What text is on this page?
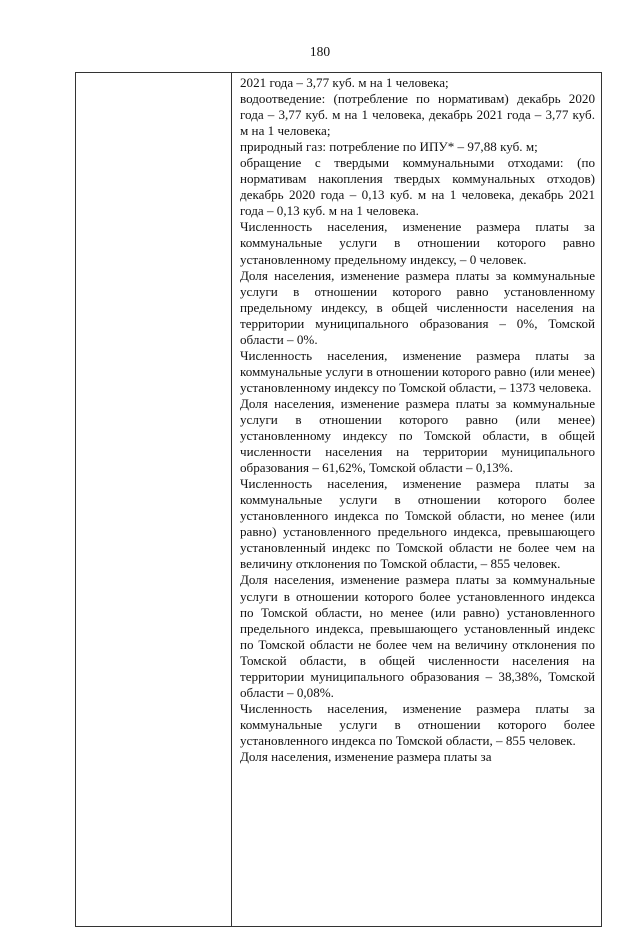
180

2021 года – 3,77 куб. м на 1 человека;

водоотведение: (потребление по нормативам) декабрь 2020 года – 3,77 куб. м на 1 человека, декабрь 2021 года – 3,77 куб. м на 1 человека;

природный газ: потребление по ИПУ* – 97,88 куб. м;

обращение с твердыми коммунальными отходами: (по нормативам накопления твердых коммунальных отходов) декабрь 2020 года – 0,13 куб. м на 1 человека, декабрь 2021 года – 0,13 куб. м на 1 человека.

Численность населения, изменение размера платы за коммунальные услуги в отношении которого равно установленному предельному индексу, – 0 человек.

Доля населения, изменение размера платы за коммунальные услуги в отношении которого равно установленному предельному индексу, в общей численности населения на территории муниципального образования – 0%, Томской области – 0%.

Численность населения, изменение размера платы за коммунальные услуги в отношении которого равно (или менее) установленному индексу по Томской области, – 1373 человека.

Доля населения, изменение размера платы за коммунальные услуги в отношении которого равно (или менее) установленному индексу по Томской области, в общей численности населения на территории муниципального образования – 61,62%, Томской области – 0,13%.

Численность населения, изменение размера платы за коммунальные услуги в отношении которого более установленного индекса по Томской области, но менее (или равно) установленного предельного индекса, превышающего установленный индекс по Томской области не более чем на величину отклонения по Томской области, – 855 человек.

Доля населения, изменение размера платы за коммунальные услуги в отношении которого более установленного индекса по Томской области, но менее (или равно) установленного предельного индекса, превышающего установленный индекс по Томской области не более чем на величину отклонения по Томской области, в общей численности населения на территории муниципального образования – 38,38%, Томской области – 0,08%.

Численность населения, изменение размера платы за коммунальные услуги в отношении которого более установленного индекса по Томской области, – 855 человек.

Доля населения, изменение размера платы за
